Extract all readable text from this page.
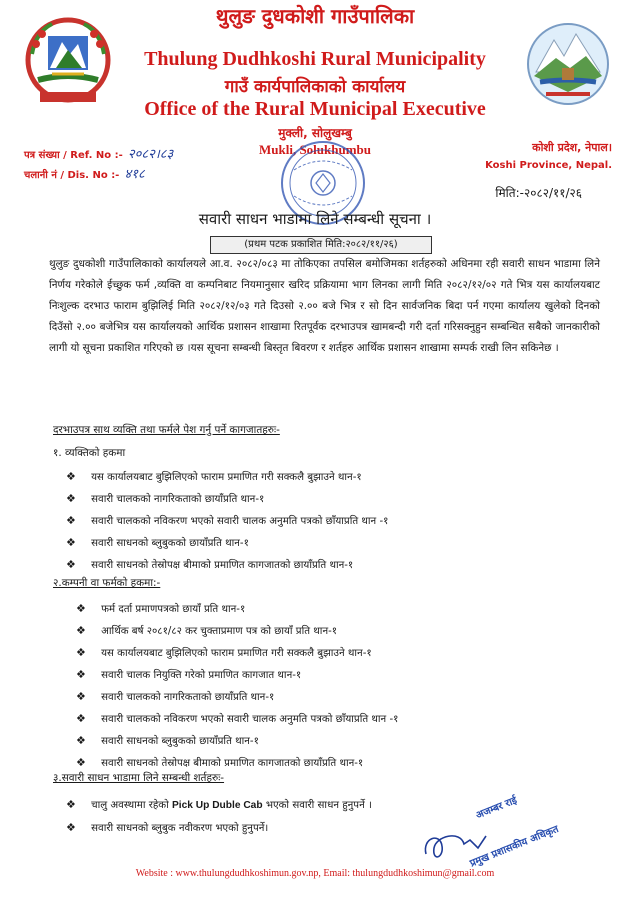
थुलुङ दुधकोशी गाउँपालिका
Thulung Dudhkoshi Rural Municipality
गाउँ कार्यपालिकाको कार्यालय
Office of the Rural Municipal Executive
मुक्ली, सोलुखम्बु
Mukli, Solukhumbu	कोशी प्रदेश, नेपाल।
Koshi Province, Nepal.
पत्र संख्या / Ref. No :- २०८२।८३
चलानी नं / Dis. No :- ४१८
मिति:-२०८२/११/२६
सवारी साधन भाडामा लिने सम्बन्धी सूचना ।
(प्रथम पटक प्रकाशित मिति:२०८२/११/२६)
थुलुङ दुधकोशी गाउँपालिकाको कार्यालयले आ.व. २०८२/०८३ मा तोकिएका तपसिल बमोजिमका शर्तहरुको अधिनमा रही सवारी साधन भाडामा लिने निर्णय गरेकोले ईच्छुक फर्म ,व्यक्ति वा कम्पनिबाट नियमानुसार खरिद प्रक्रियामा भाग लिनका लागी मिति २०८२/१२/०२ गते भित्र यस कार्यालयबाट निःशुल्क दरभाउ फाराम बुझिलिई मिति २०८२/१२/०३ गते दिउसो २.०० बजे भित्र र सो दिन सार्वजनिक बिदा पर्न गएमा कार्यालय खुलेको दिनको दिउँसो २.०० बजेभित्र यस कार्यालयको आर्थिक प्रशासन शाखामा रितपूर्वक दरभाउपत्र खामबन्दी गरी दर्ता गरिसक्नुहुन सम्बन्धित सबैको जानकारीको लागी यो सूचना प्रकाशित गरिएको छ ।यस सूचना सम्बन्धी बिस्तृत बिवरण र शर्तहरु आर्थिक प्रशासन शाखामा सम्पर्क राखी लिन सकिनेछ ।
दरभाउपत्र साथ व्यक्ति तथा फर्मले पेश गर्नु पर्ने कागजातहरुः-
१. व्यक्तिको हकमा
❖ यस कार्यालयबाट बुझिलिएको फाराम प्रमाणित गरी सक्कलै बुझाउने थान-१
❖ सवारी चालकको नागरिकताको छायाँप्रति थान-१
❖ सवारी चालकको नविकरण भएको सवारी चालक अनुमति पत्रको छाँयाप्रति थान -१
❖ सवारी साधनको ब्लुबुकको छायाँप्रति थान-१
❖ सवारी साधनको तेस्रोपक्ष बीमाको प्रमाणित कागजातको छायाँप्रति थान-१
२.कम्पनी वा फर्मको हकमा:-
❖ फर्म दर्ता प्रमाणपत्रको छायाँ प्रति थान-१
❖ आर्थिक बर्ष २०८१/८२ कर चुक्ताप्रमाण पत्र को छायाँ प्रति थान-१
❖ यस कार्यालयबाट बुझिलिएको फाराम प्रमाणित गरी सक्कलै बुझाउने थान-१
❖ सवारी चालक नियुक्ति गरेको प्रमाणित कागजात थान-१
❖ सवारी चालकको नागरिकताको छायाँप्रति थान-१
❖ सवारी चालकको नविकरण भएको सवारी चालक अनुमति पत्रको छाँयाप्रति थान -१
❖ सवारी साधनको ब्लुबुकको छायाँप्रति थान-१
❖ सवारी साधनको तेस्रोपक्ष बीमाको प्रमाणित कागजातको छायाँप्रति थान-१
३.सवारी साधन भाडामा लिने सम्बन्धी शर्तहरुः-
❖ चालु अवस्थामा रहेको Pick Up Duble Cab भएको सवारी साधन हुनुपर्ने ।
❖ सवारी साधनको ब्लुबुक नवीकरण भएको हुनुपर्ने।
अजम्बर राई
प्रमुख प्रशासकीय अधिकृत
Website : www.thulungdudhkoshimun.gov.np, Email: thulungdudhkoshimun@gmail.com
